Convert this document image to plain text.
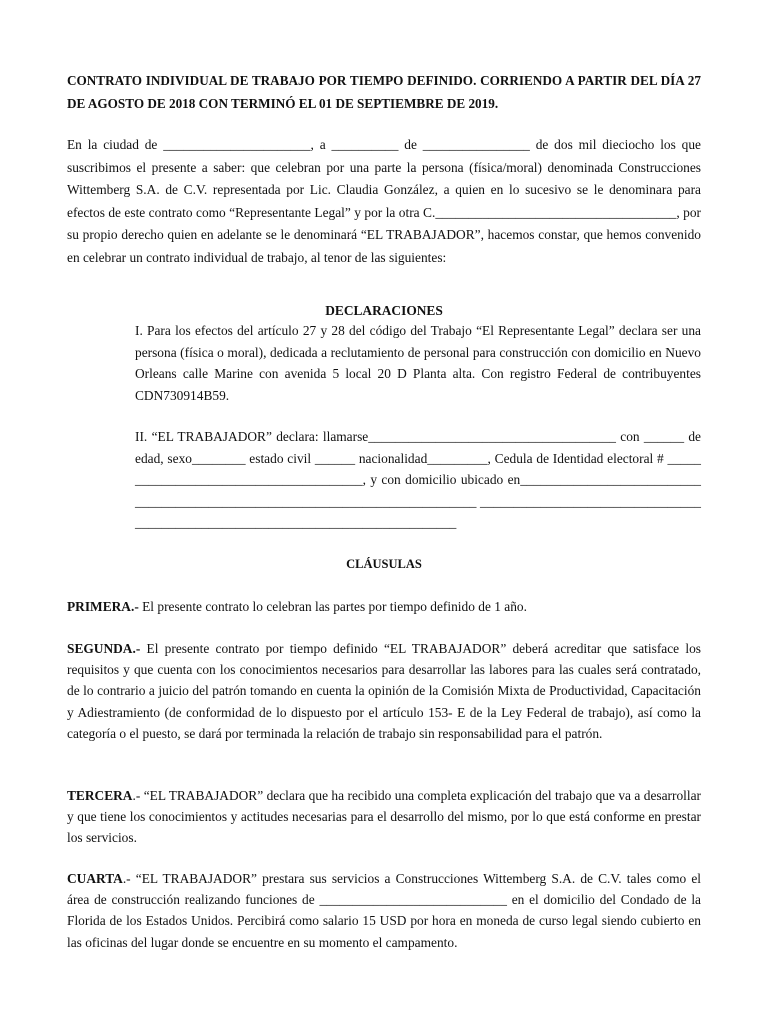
CONTRATO INDIVIDUAL DE TRABAJO POR TIEMPO DEFINIDO. CORRIENDO A PARTIR DEL DÍA 27 DE AGOSTO DE 2018 CON TERMINÓ EL 01 DE SEPTIEMBRE DE 2019.

En la ciudad de ______________________, a __________ de ________________ de dos mil dieciocho los que suscribimos el presente a saber: que celebran por una parte la persona (física/moral) denominada Construcciones Wittemberg S.A. de C.V. representada por Lic. Claudia González, a quien en lo sucesivo se le denominara para efectos de este contrato como “Representante Legal” y por la otra C.____________________________________, por su propio derecho quien en adelante se le denominará “EL TRABAJADOR”, hacemos constar, que hemos convenido en celebrar un contrato individual de trabajo, al tenor de las siguientes:

DECLARACIONES
I. Para los efectos del artículo 27 y 28 del código del Trabajo “El Representante Legal” declara ser una persona (física o moral), dedicada a reclutamiento de personal para construcción con domicilio en Nuevo Orleans calle Marine con avenida 5 local 20 D Planta alta. Con registro Federal de contribuyentes CDN730914B59.
II. “EL TRABAJADOR” declara: llamarse_____________________________________ con ______ de edad, sexo________ estado civil ______ nacionalidad_________, Cedula de Identidad electoral # _______________________________________, y con domicilio ubicado en______________________________________________________________________________ _________________________________________________________________________________
CLÁUSULAS

PRIMERA.- El presente contrato lo celebran las partes por tiempo definido de 1 año.

SEGUNDA.- El presente contrato por tiempo definido “EL TRABAJADOR” deberá acreditar que satisface los requisitos y que cuenta con los conocimientos necesarios para desarrollar las labores para las cuales será contratado, de lo contrario a juicio del patrón tomando en cuenta la opinión de la Comisión Mixta de Productividad, Capacitación y Adiestramiento (de conformidad de lo dispuesto por el artículo 153- E de la Ley Federal de trabajo), así como la categoría o el puesto, se dará por terminada la relación de trabajo sin responsabilidad para el patrón.

TERCERA.- “EL TRABAJADOR” declara que ha recibido una completa explicación del trabajo que va a desarrollar y que tiene los conocimientos y actitudes necesarias para el desarrollo del mismo, por lo que está conforme en prestar los servicios.

CUARTA.- “EL TRABAJADOR” prestara sus servicios a Construcciones Wittemberg S.A. de C.V. tales como el área de construcción realizando funciones de ____________________________ en el domicilio del Condado de la Florida de los Estados Unidos. Percibirá como salario 15 USD por hora en moneda de curso legal siendo cubierto en las oficinas del lugar donde se encuentre en su momento el campamento.
